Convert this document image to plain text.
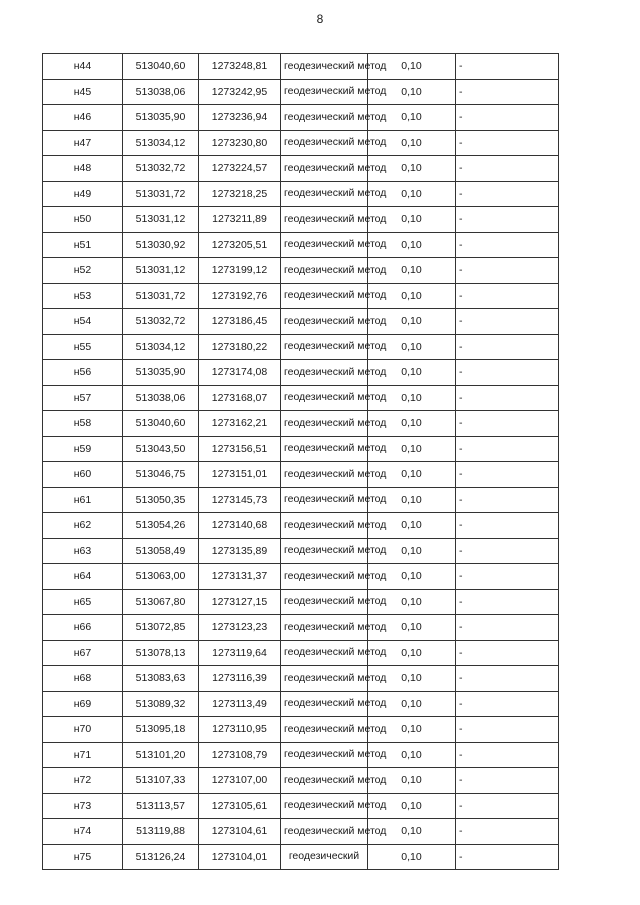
8
н44	513040,60	1273248,81	геодезический метод	0,10	-
н45	513038,06	1273242,95	геодезический метод	0,10	-
н46	513035,90	1273236,94	геодезический метод	0,10	-
н47	513034,12	1273230,80	геодезический метод	0,10	-
н48	513032,72	1273224,57	геодезический метод	0,10	-
н49	513031,72	1273218,25	геодезический метод	0,10	-
н50	513031,12	1273211,89	геодезический метод	0,10	-
н51	513030,92	1273205,51	геодезический метод	0,10	-
н52	513031,12	1273199,12	геодезический метод	0,10	-
н53	513031,72	1273192,76	геодезический метод	0,10	-
н54	513032,72	1273186,45	геодезический метод	0,10	-
н55	513034,12	1273180,22	геодезический метод	0,10	-
н56	513035,90	1273174,08	геодезический метод	0,10	-
н57	513038,06	1273168,07	геодезический метод	0,10	-
н58	513040,60	1273162,21	геодезический метод	0,10	-
н59	513043,50	1273156,51	геодезический метод	0,10	-
н60	513046,75	1273151,01	геодезический метод	0,10	-
н61	513050,35	1273145,73	геодезический метод	0,10	-
н62	513054,26	1273140,68	геодезический метод	0,10	-
н63	513058,49	1273135,89	геодезический метод	0,10	-
н64	513063,00	1273131,37	геодезический метод	0,10	-
н65	513067,80	1273127,15	геодезический метод	0,10	-
н66	513072,85	1273123,23	геодезический метод	0,10	-
н67	513078,13	1273119,64	геодезический метод	0,10	-
н68	513083,63	1273116,39	геодезический метод	0,10	-
н69	513089,32	1273113,49	геодезический метод	0,10	-
н70	513095,18	1273110,95	геодезический метод	0,10	-
н71	513101,20	1273108,79	геодезический метод	0,10	-
н72	513107,33	1273107,00	геодезический метод	0,10	-
н73	513113,57	1273105,61	геодезический метод	0,10	-
н74	513119,88	1273104,61	геодезический метод	0,10	-
н75	513126,24	1273104,01	геодезический	0,10	-
